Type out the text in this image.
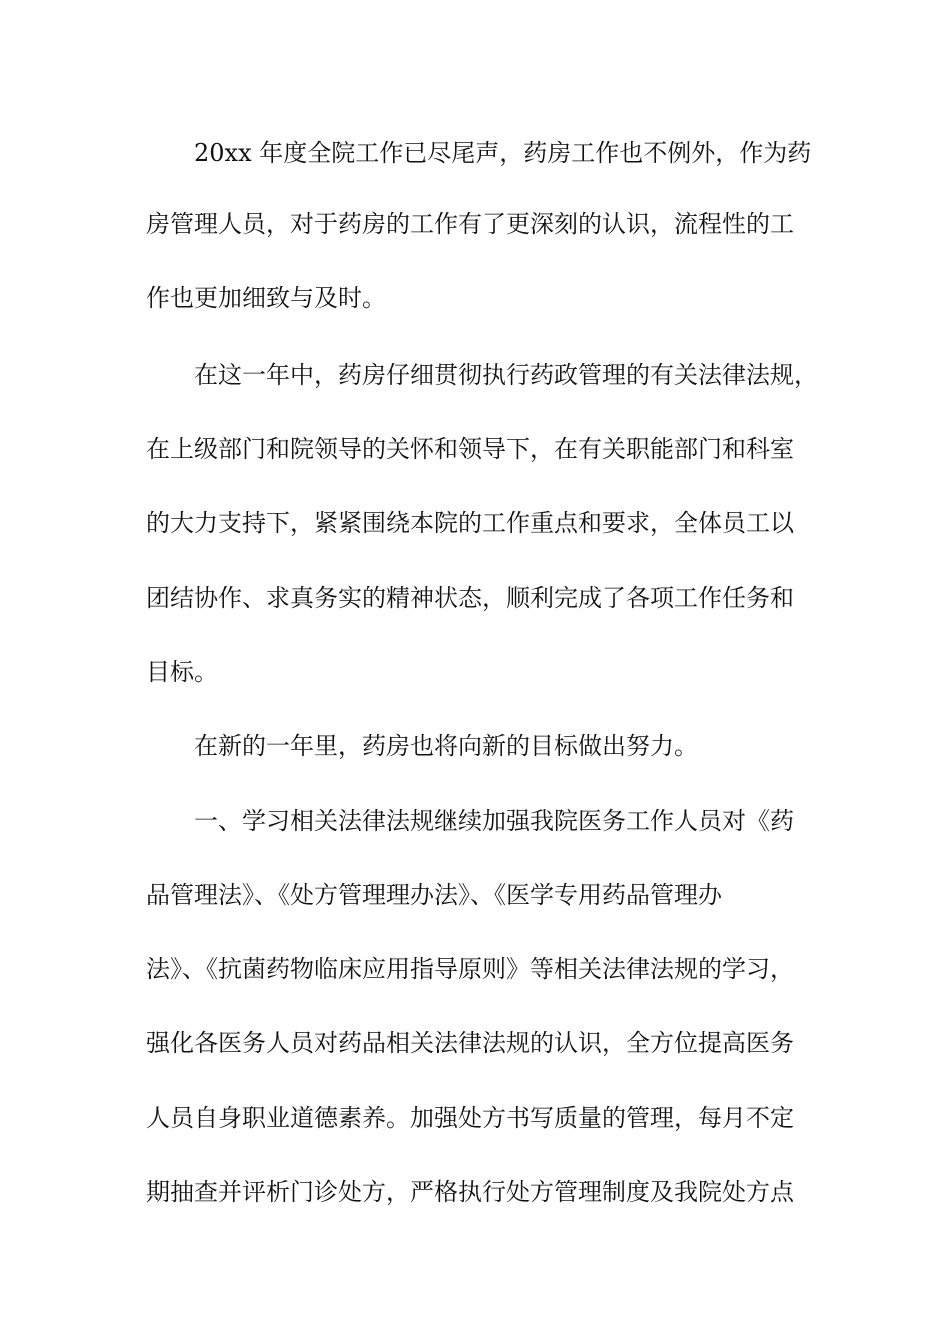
20xx 年度全院工作已尽尾声，药房工作也不例外，作为药
房管理人员，对于药房的工作有了更深刻的认识，流程性的工
作也更加细致与及时。
在这一年中，药房仔细贯彻执行药政管理的有关法律法规，
在上级部门和院领导的关怀和领导下，在有关职能部门和科室
的大力支持下，紧紧围绕本院的工作重点和要求，全体员工以
团结协作、求真务实的精神状态，顺利完成了各项工作任务和
目标。
在新的一年里，药房也将向新的目标做出努力。
一、学习相关法律法规继续加强我院医务工作人员对《药
品管理法》、《处方管理理办法》、《医学专用药品管理办
法》、《抗菌药物临床应用指导原则》等相关法律法规的学习，
强化各医务人员对药品相关法律法规的认识，全方位提高医务
人员自身职业道德素养。加强处方书写质量的管理，每月不定
期抽查并评析门诊处方，严格执行处方管理制度及我院处方点
